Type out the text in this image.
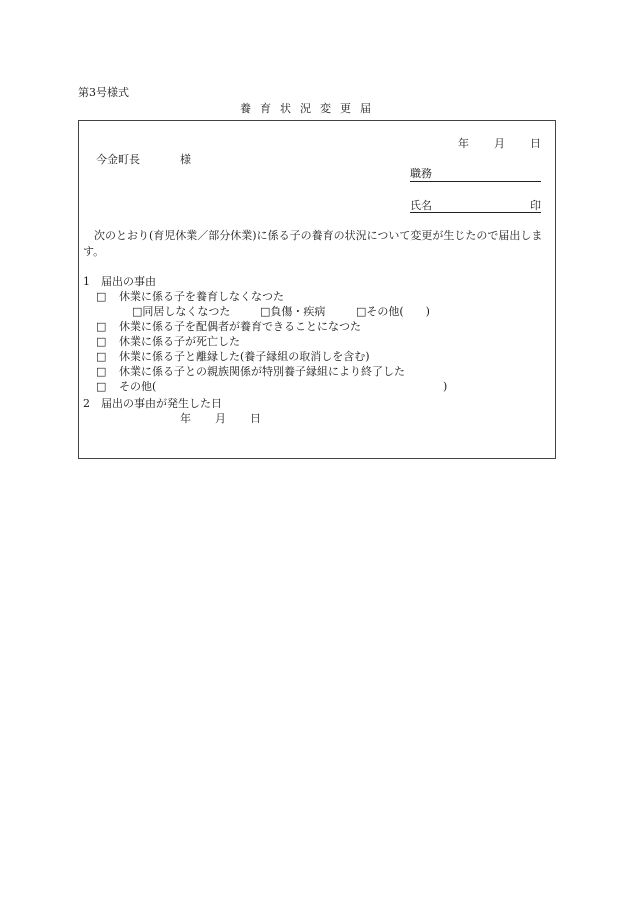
第3号様式
養育状況変更届
年 月 日
今金町長	様
職務
氏名	印
次のとおり(育児休業／部分休業)に係る子の養育の状況について変更が生じたので届出します。
1　届出の事由
□ 休業に係る子を養育しなくなつた
□同居しなくなつた	□負傷・疾病	□その他(　　)
□ 休業に係る子を配偶者が養育できることになつた
□ 休業に係る子が死亡した
□ 休業に係る子と離縁した(養子縁組の取消しを含む)
□ 休業に係る子との親族関係が特別養子縁組により終了した
□ その他(	)
2　届出の事由が発生した日
年 月 日
